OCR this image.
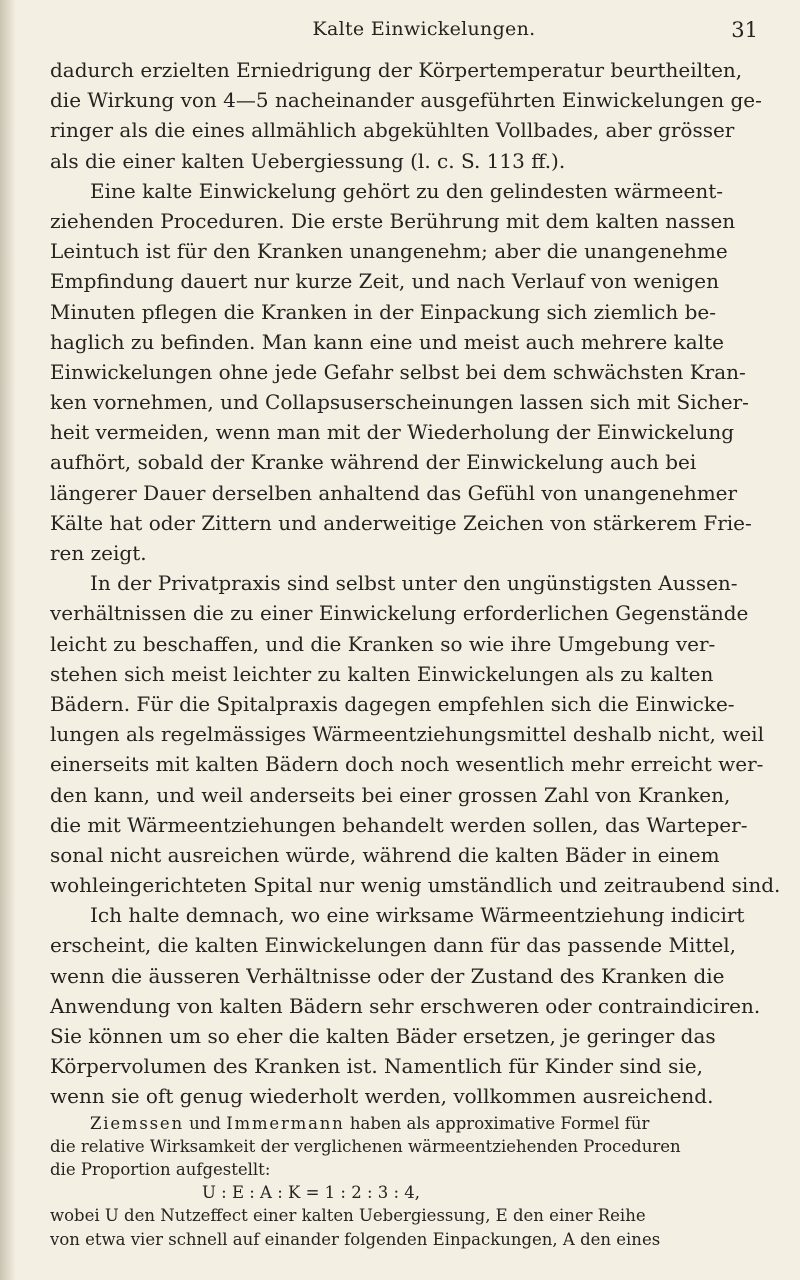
Kalte Einwickelungen.	31
dadurch erzielten Erniedrigung der Körpertemperatur beurtheilten,
die Wirkung von 4—5 nacheinander ausgeführten Einwickelungen ge-
ringer als die eines allmählich abgekühlten Vollbades, aber grösser
als die einer kalten Uebergiessung (l. c. S. 113 ff.).
Eine kalte Einwickelung gehört zu den gelindesten wärmeent-
ziehenden Proceduren. Die erste Berührung mit dem kalten nassen
Leintuch ist für den Kranken unangenehm; aber die unangenehme
Empfindung dauert nur kurze Zeit, und nach Verlauf von wenigen
Minuten pflegen die Kranken in der Einpackung sich ziemlich be-
haglich zu befinden. Man kann eine und meist auch mehrere kalte
Einwickelungen ohne jede Gefahr selbst bei dem schwächsten Kran-
ken vornehmen, und Collapsuserscheinungen lassen sich mit Sicher-
heit vermeiden, wenn man mit der Wiederholung der Einwickelung
aufhört, sobald der Kranke während der Einwickelung auch bei
längerer Dauer derselben anhaltend das Gefühl von unangenehmer
Kälte hat oder Zittern und anderweitige Zeichen von stärkerem Frie-
ren zeigt.
In der Privatpraxis sind selbst unter den ungünstigsten Aussen-
verhältnissen die zu einer Einwickelung erforderlichen Gegenstände
leicht zu beschaffen, und die Kranken so wie ihre Umgebung ver-
stehen sich meist leichter zu kalten Einwickelungen als zu kalten
Bädern. Für die Spitalpraxis dagegen empfehlen sich die Einwicke-
lungen als regelmässiges Wärmeentziehungsmittel deshalb nicht, weil
einerseits mit kalten Bädern doch noch wesentlich mehr erreicht wer-
den kann, und weil anderseits bei einer grossen Zahl von Kranken,
die mit Wärmeentziehungen behandelt werden sollen, das Warteper-
sonal nicht ausreichen würde, während die kalten Bäder in einem
wohleingerichteten Spital nur wenig umständlich und zeitraubend sind.
Ich halte demnach, wo eine wirksame Wärmeentziehung indicirt
erscheint, die kalten Einwickelungen dann für das passende Mittel,
wenn die äusseren Verhältnisse oder der Zustand des Kranken die
Anwendung von kalten Bädern sehr erschweren oder contraindiciren.
Sie können um so eher die kalten Bäder ersetzen, je geringer das
Körpervolumen des Kranken ist. Namentlich für Kinder sind sie,
wenn sie oft genug wiederholt werden, vollkommen ausreichend.
Ziemssen und Immermann haben als approximative Formel für
die relative Wirksamkeit der verglichenen wärmeentziehenden Proceduren
die Proportion aufgestellt:
U : E : A : K = 1 : 2 : 3 : 4,
wobei U den Nutzeffect einer kalten Uebergiessung, E den einer Reihe
von etwa vier schnell auf einander folgenden Einpackungen, A den eines
